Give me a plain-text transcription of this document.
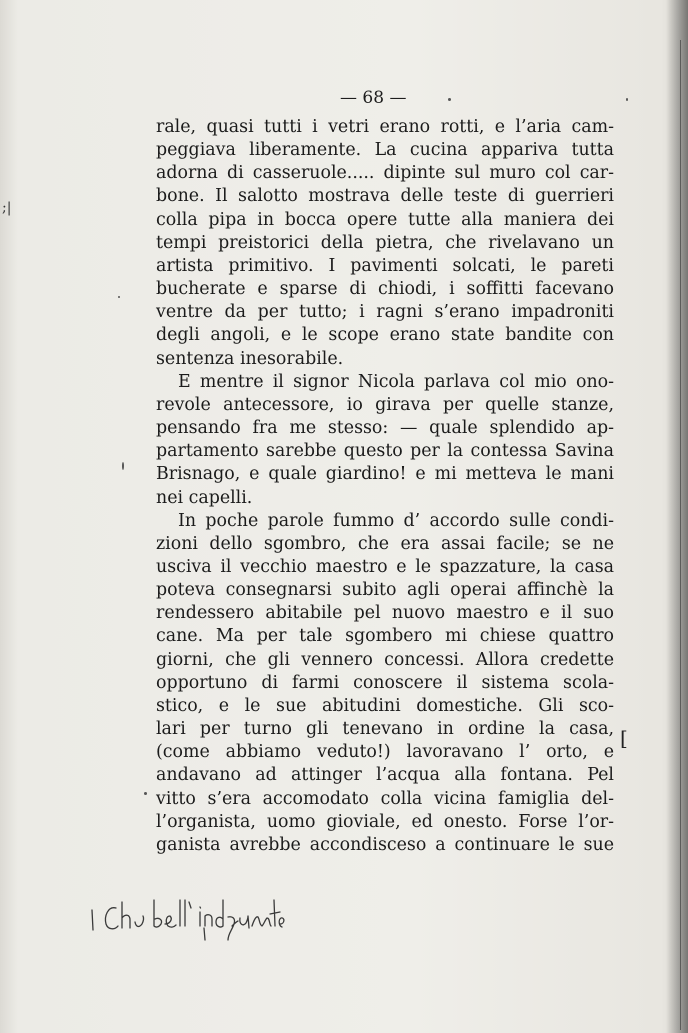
;|
— 68 —
rale, quasi tutti i vetri erano rotti, e l’aria cam-
peggiava liberamente. La cucina appariva tutta
adorna di casseruole..... dipinte sul muro col car-
bone. Il salotto mostrava delle teste di guerrieri
colla pipa in bocca opere tutte alla maniera dei
tempi preistorici della pietra, che rivelavano un
artista primitivo. I pavimenti solcati, le pareti
bucherate e sparse di chiodi, i soffitti facevano
ventre da per tutto; i ragni s’erano impadroniti
degli angoli, e le scope erano state bandite con
sentenza inesorabile.
E mentre il signor Nicola parlava col mio ono-
revole antecessore, io girava per quelle stanze,
pensando fra me stesso: — quale splendido ap-
partamento sarebbe questo per la contessa Savina
Brisnago, e quale giardino! e mi metteva le mani
nei capelli.
In poche parole fummo d’ accordo sulle condi-
zioni dello sgombro, che era assai facile; se ne
usciva il vecchio maestro e le spazzature, la casa
poteva consegnarsi subito agli operai affinchè la
rendessero abitabile pel nuovo maestro e il suo
cane. Ma per tale sgombero mi chiese quattro
giorni, che gli vennero concessi. Allora credette
opportuno di farmi conoscere il sistema scola-
stico, e le sue abitudini domestiche. Gli sco-
lari per turno gli tenevano in ordine la casa,
(come abbiamo veduto!) lavoravano l’ orto, e
andavano ad attinger l’acqua alla fontana. Pel
vitto s’era accomodato colla vicina famiglia del-
l’organista, uomo gioviale, ed onesto. Forse l’or-
ganista avrebbe accondisceso a continuare le sue
[
